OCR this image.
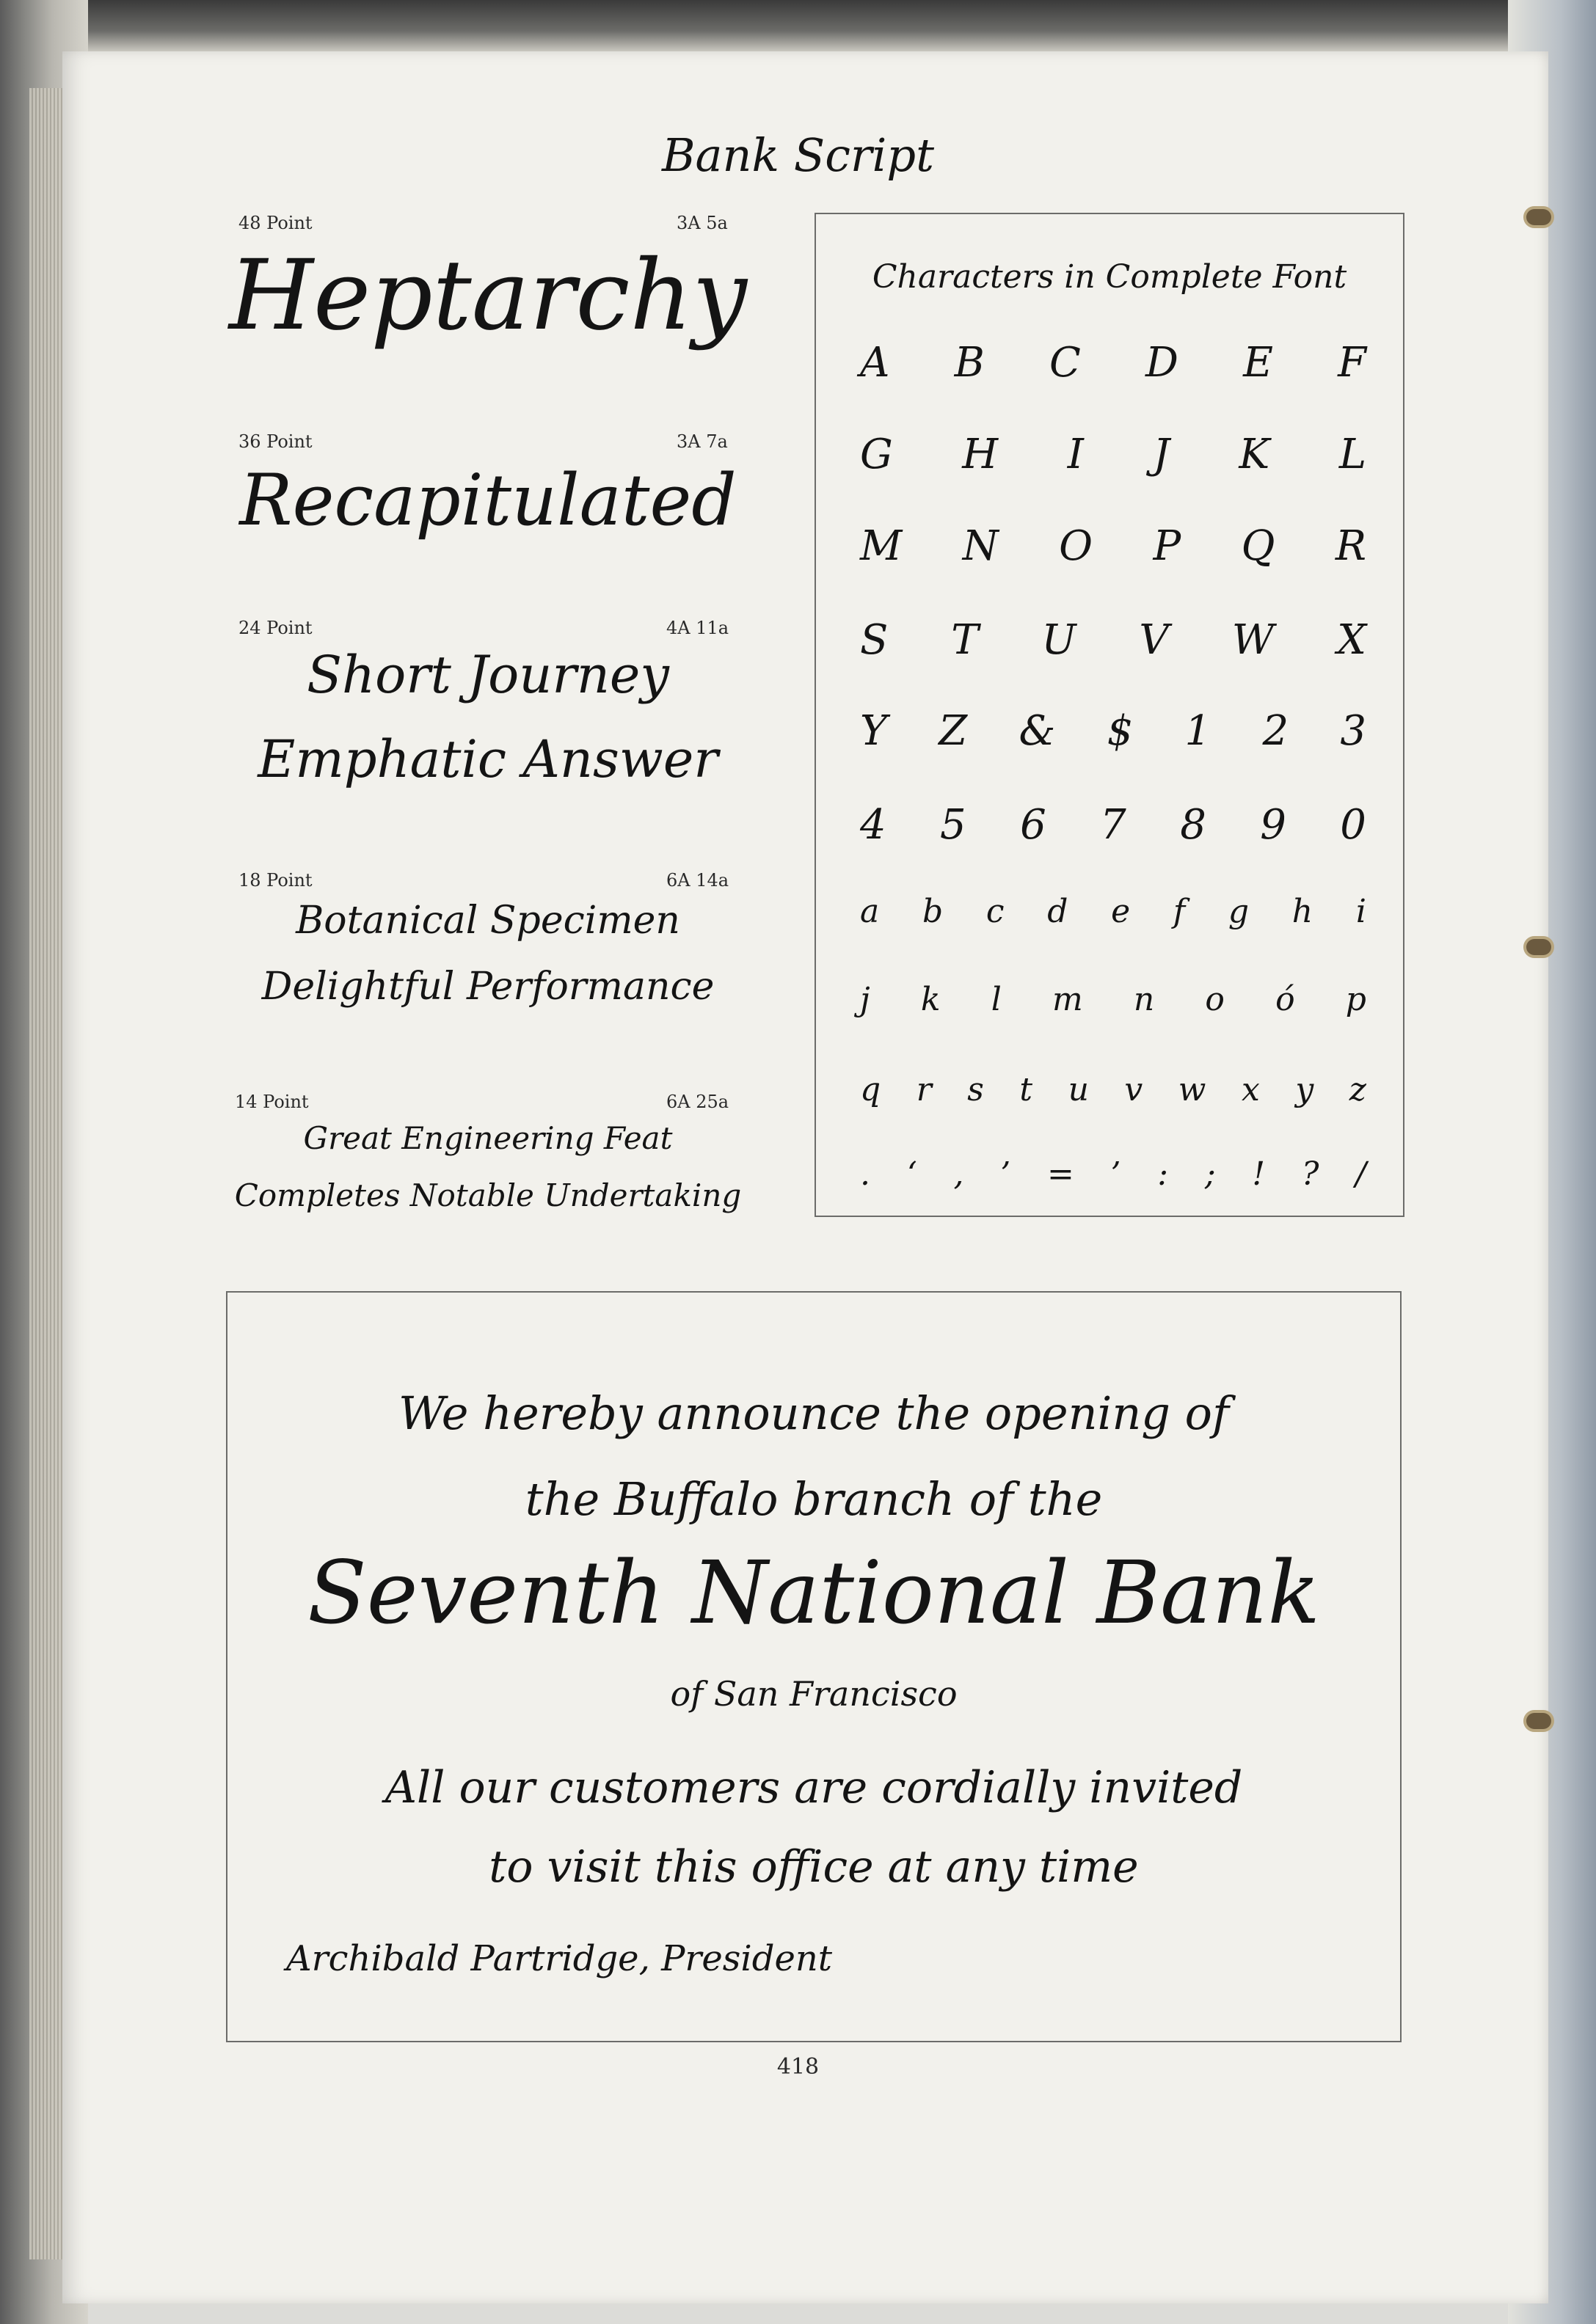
Bank Script
48 Point	3A 5a
Heptarchy
36 Point	3A 7a
Recapitulated
24 Point	4A 11a
Short Journey
Emphatic Answer
18 Point	6A 14a
Botanical Specimen
Delightful Performance
14 Point	6A 25a
Great Engineering Feat
Completes Notable Undertaking
Characters in Complete Font
A B C D E F
G H I J K L
M N O P Q R
S T U V W X
Y Z & $ 1 2 3
4 5 6 7 8 9 0
a b c d e f g h i
j k l m n o ó p
q r s t u v w x y z
. ‘ , ’ = ’ : ; ! ? /
We hereby announce the opening of
the Buffalo branch of the
Seventh National Bank
of San Francisco
All our customers are cordially invited
to visit this office at any time
Archibald Partridge, President
418
